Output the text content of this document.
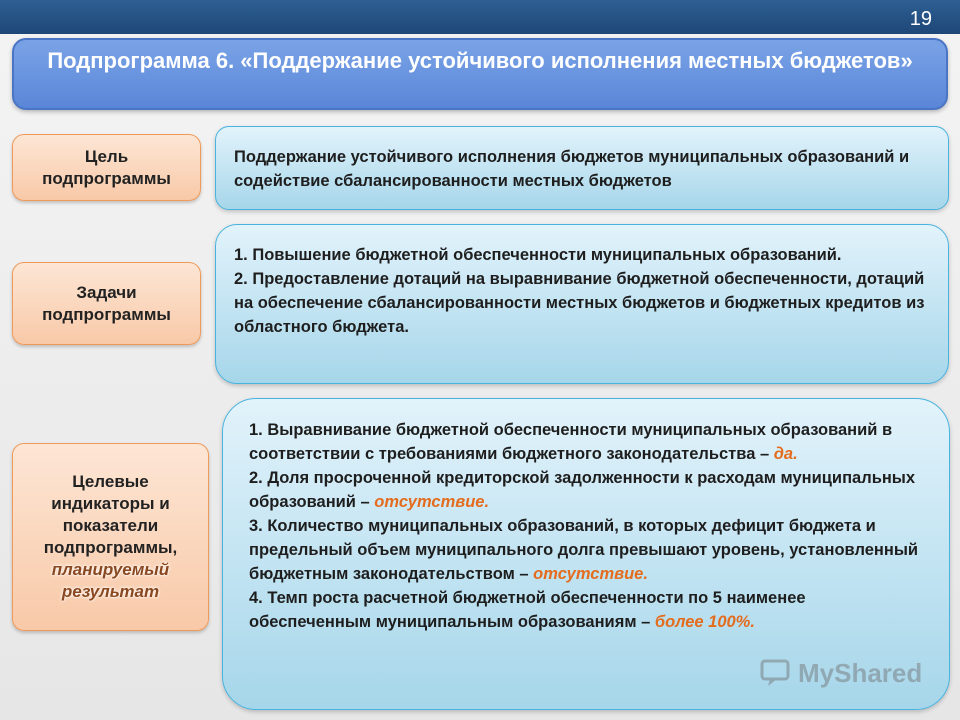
19
Подпрограмма 6. «Поддержание устойчивого исполнения местных бюджетов»
Цель
подпрограммы
Задачи
подпрограммы
Целевые
индикаторы и
показатели
подпрограммы,
планируемый
результат

Поддержание устойчивого исполнения бюджетов муниципальных образований и содействие сбалансированности местных бюджетов

1. Повышение бюджетной обеспеченности муниципальных образований.

2. Предоставление дотаций на выравнивание бюджетной обеспеченности, дотаций на обеспечение сбалансированности местных бюджетов и бюджетных кредитов из областного бюджета.

1. Выравнивание бюджетной обеспеченности муниципальных образований в соответствии с требованиями бюджетного законодательства – да.

2. Доля просроченной кредиторской задолженности к расходам муниципальных образований – отсутствие.

3. Количество муниципальных образований, в которых дефицит бюджета и предельный объем муниципального долга превышают уровень, установленный бюджетным законодательством – отсутствие.

4. Темп роста расчетной бюджетной обеспеченности по 5 наименее обеспеченным муниципальным образованиям – более 100%.

MyShared
